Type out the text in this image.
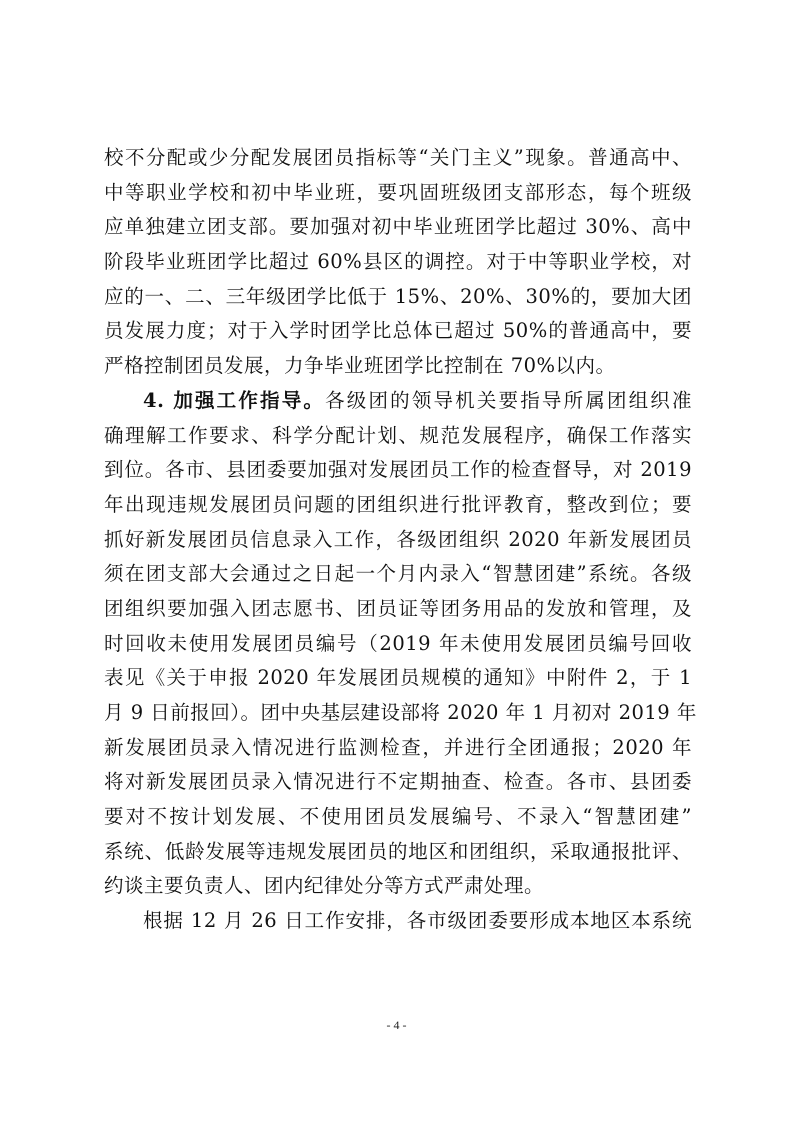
校不分配或少分配发展团员指标等“关门主义”现象。普通高中、
中等职业学校和初中毕业班，要巩固班级团支部形态，每个班级
应单独建立团支部。要加强对初中毕业班团学比超过 30%、高中
阶段毕业班团学比超过 60%县区的调控。对于中等职业学校，对
应的一、二、三年级团学比低于 15%、20%、30%的，要加大团
员发展力度；对于入学时团学比总体已超过 50%的普通高中，要
严格控制团员发展，力争毕业班团学比控制在 70%以内。
4. 加强工作指导。各级团的领导机关要指导所属团组织准
确理解工作要求、科学分配计划、规范发展程序，确保工作落实
到位。各市、县团委要加强对发展团员工作的检查督导，对 2019
年出现违规发展团员问题的团组织进行批评教育，整改到位；要
抓好新发展团员信息录入工作，各级团组织 2020 年新发展团员
须在团支部大会通过之日起一个月内录入“智慧团建”系统。各级
团组织要加强入团志愿书、团员证等团务用品的发放和管理，及
时回收未使用发展团员编号（2019 年未使用发展团员编号回收
表见《关于申报 2020 年发展团员规模的通知》中附件 2，于 1
月 9 日前报回）。团中央基层建设部将 2020 年 1 月初对 2019 年
新发展团员录入情况进行监测检查，并进行全团通报；2020 年
将对新发展团员录入情况进行不定期抽查、检查。各市、县团委
要对不按计划发展、不使用团员发展编号、不录入“智慧团建”
系统、低龄发展等违规发展团员的地区和团组织，采取通报批评、
约谈主要负责人、团内纪律处分等方式严肃处理。
根据 12 月 26 日工作安排，各市级团委要形成本地区本系统
- 4 -
